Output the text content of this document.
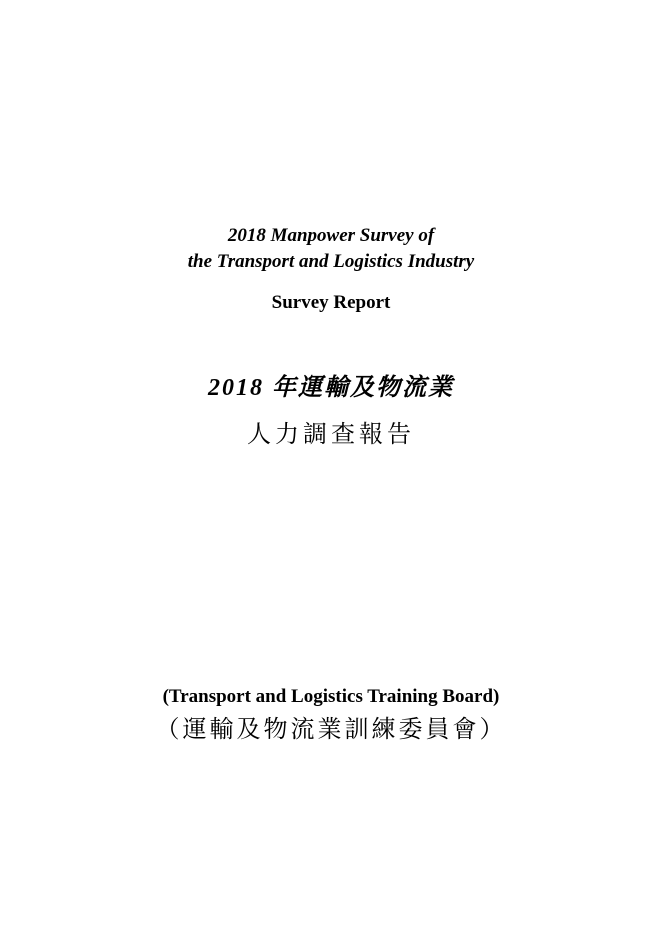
2018 Manpower Survey of

the Transport and Logistics Industry

Survey Report

2018 年運輸及物流業

人力調查報告

(Transport and Logistics Training Board)

（運輸及物流業訓練委員會）
